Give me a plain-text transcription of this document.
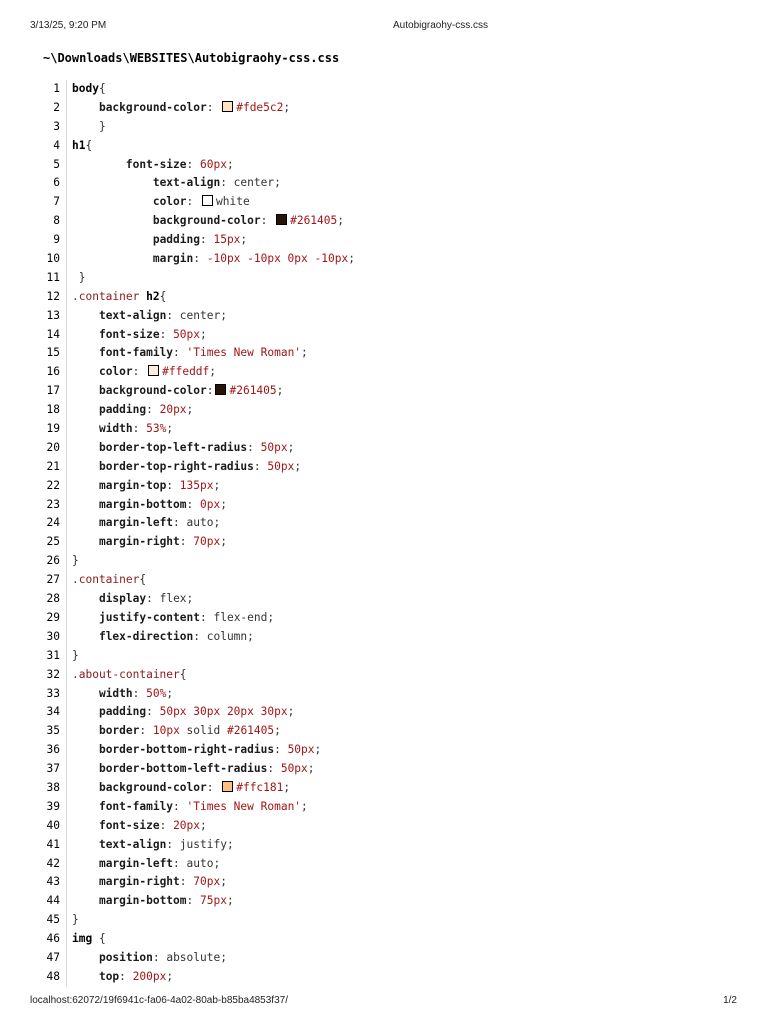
3/13/25, 9:20 PM	Autobigraohy-css.css
~\Downloads\WEBSITES\Autobigraohy-css.css
1 body{
2	background-color: #fde5c2;
3 }
4 h1{
5	font-size: 60px;
6	text-align: center;
7	color: white
8	background-color: #261405;
9	padding: 15px;
10	margin: -10px -10px 0px -10px;
11 }
12 .container h2{
13	text-align: center;
14	font-size: 50px;
15	font-family: 'Times New Roman';
16	color: #ffeddf;
17	background-color: #261405;
18	padding: 20px;
19	width: 53%;
20	border-top-left-radius: 50px;
21	border-top-right-radius: 50px;
22	margin-top: 135px;
23	margin-bottom: 0px;
24	margin-left: auto;
25	margin-right: 70px;
26 }
27 .container{
28	display: flex;
29	justify-content: flex-end;
30	flex-direction: column;
31 }
32 .about-container{
33	width: 50%;
34	padding: 50px 30px 20px 30px;
35	border: 10px solid #261405;
36	border-bottom-right-radius: 50px;
37	border-bottom-left-radius: 50px;
38	background-color: #ffc181;
39	font-family: 'Times New Roman';
40	font-size: 20px;
41	text-align: justify;
42	margin-left: auto;
43	margin-right: 70px;
44	margin-bottom: 75px;
45 }
46 img {
47	position: absolute;
48	top: 200px;
localhost:62072/19f6941c-fa06-4a02-80ab-b85ba4853f37/	1/2
